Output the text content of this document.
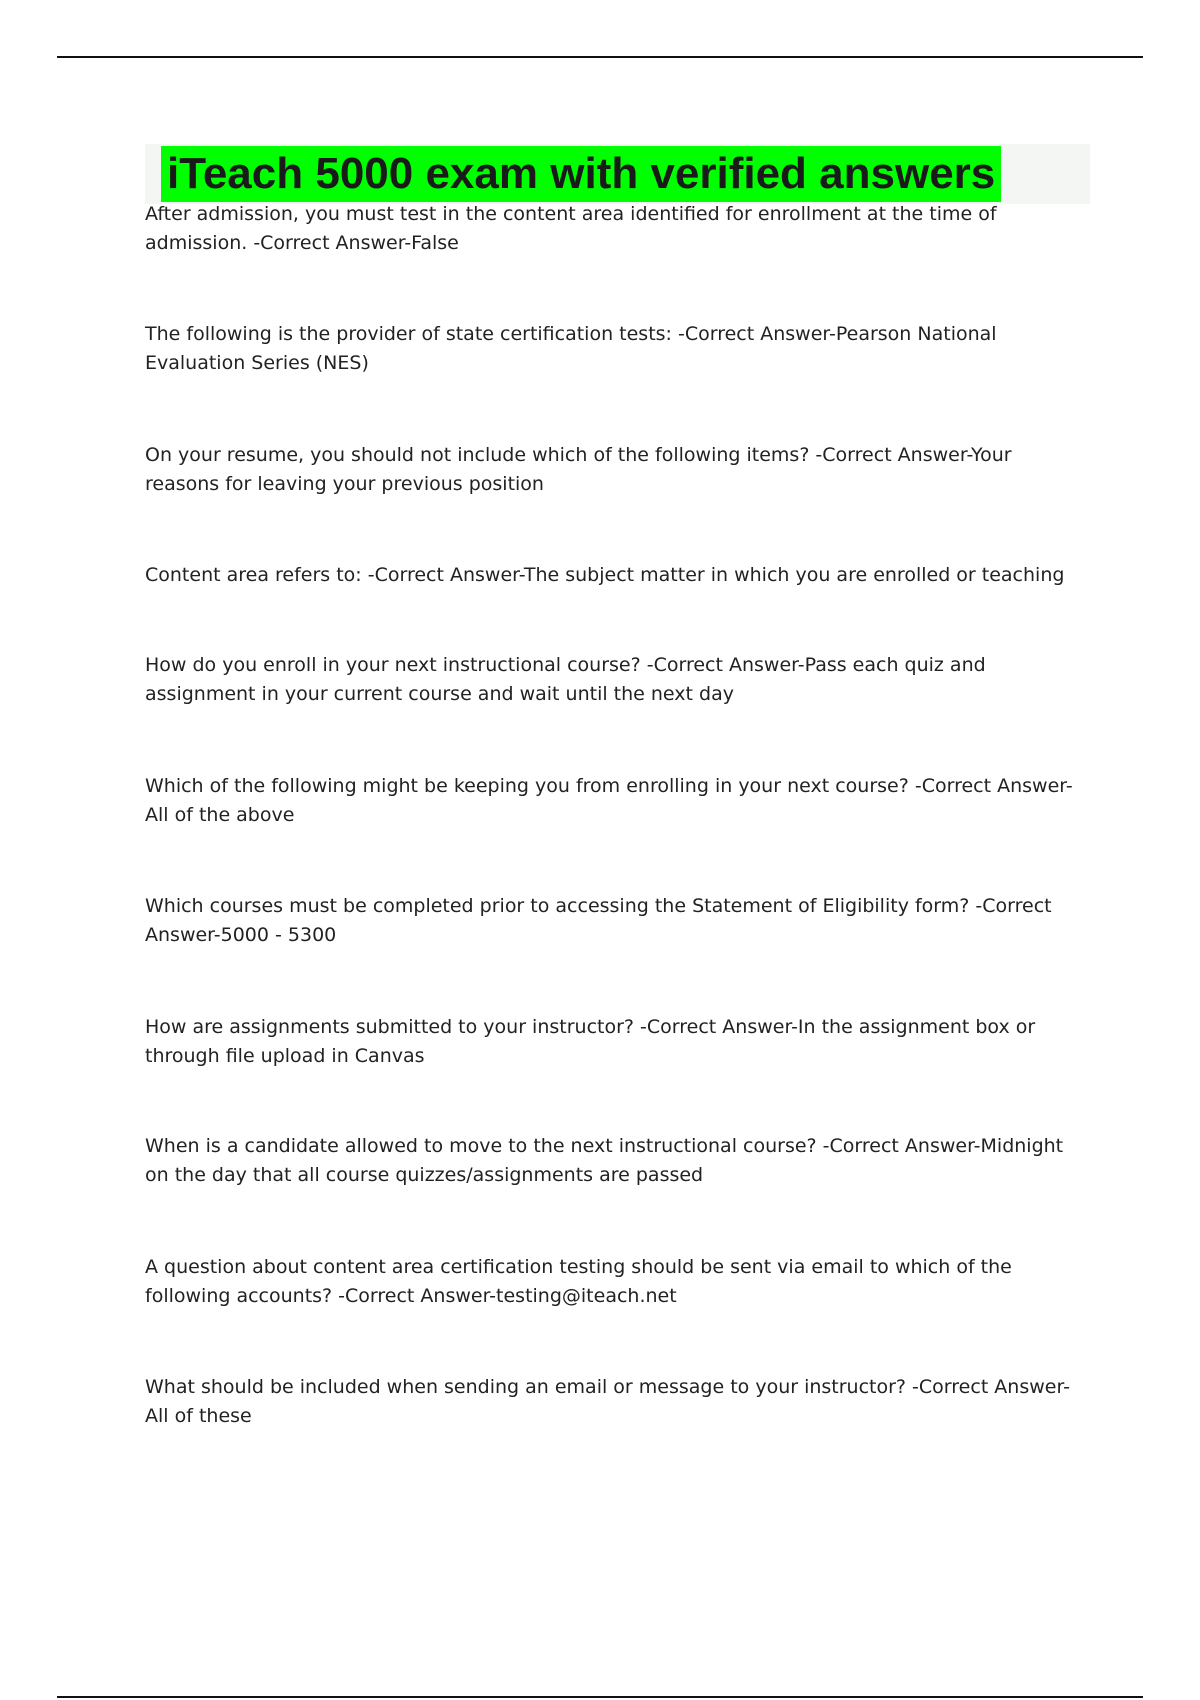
iTeach 5000 exam with verified answers

After admission, you must test in the content area identified for enrollment at the time of admission. -Correct Answer-False

The following is the provider of state certification tests: -Correct Answer-Pearson National Evaluation Series (NES)

On your resume, you should not include which of the following items? -Correct Answer-Your reasons for leaving your previous position

Content area refers to: -Correct Answer-The subject matter in which you are enrolled or teaching

How do you enroll in your next instructional course? -Correct Answer-Pass each quiz and assignment in your current course and wait until the next day

Which of the following might be keeping you from enrolling in your next course? -Correct Answer-All of the above

Which courses must be completed prior to accessing the Statement of Eligibility form? -Correct Answer-5000 - 5300

How are assignments submitted to your instructor? -Correct Answer-In the assignment box or through file upload in Canvas

When is a candidate allowed to move to the next instructional course? -Correct Answer-Midnight on the day that all course quizzes/assignments are passed

A question about content area certification testing should be sent via email to which of the following accounts? -Correct Answer-testing@iteach.net

What should be included when sending an email or message to your instructor? -Correct Answer-All of these
